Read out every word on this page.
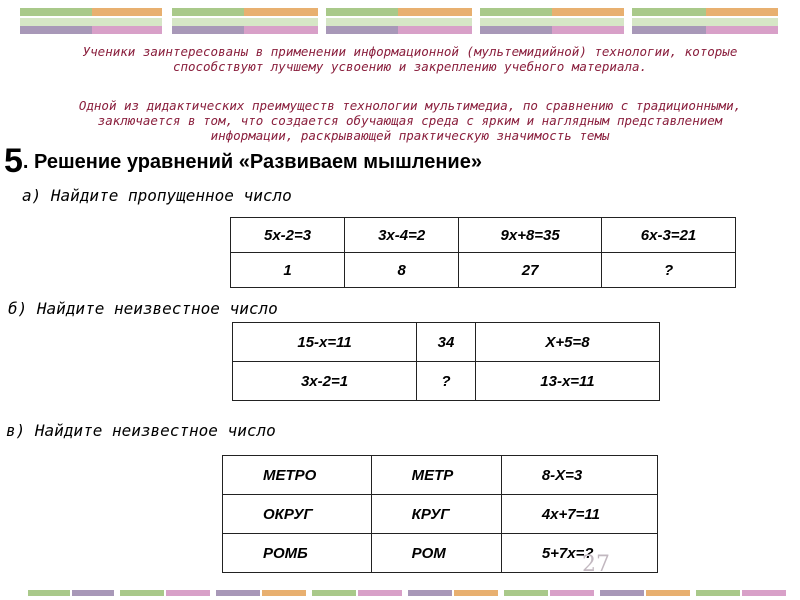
Ученики заинтересованы в применении информационной (мультемидийной) технологии, которые способствуют лучшему усвоению и закреплению учебного материала.
Одной из дидактических преимуществ технологии мультимедиа, по сравнению с традиционными, заключается в том, что создается обучающая среда с ярким и наглядным представлением информации, раскрывающей практическую значимость темы
5. Решение уравнений «Развиваем мышление»
а) Найдите пропущенное число
5х-2=3	3х-4=2	9х+8=35	6х-3=21
1	8	27	?
б) Найдите неизвестное число
15-х=11	34	Х+5=8
3х-2=1	?	13-х=11
в) Найдите неизвестное число
МЕТРО	МЕТР	8-Х=3
ОКРУГ	КРУГ	4х+7=11
РОМБ	РОМ	5+7х=?
27
